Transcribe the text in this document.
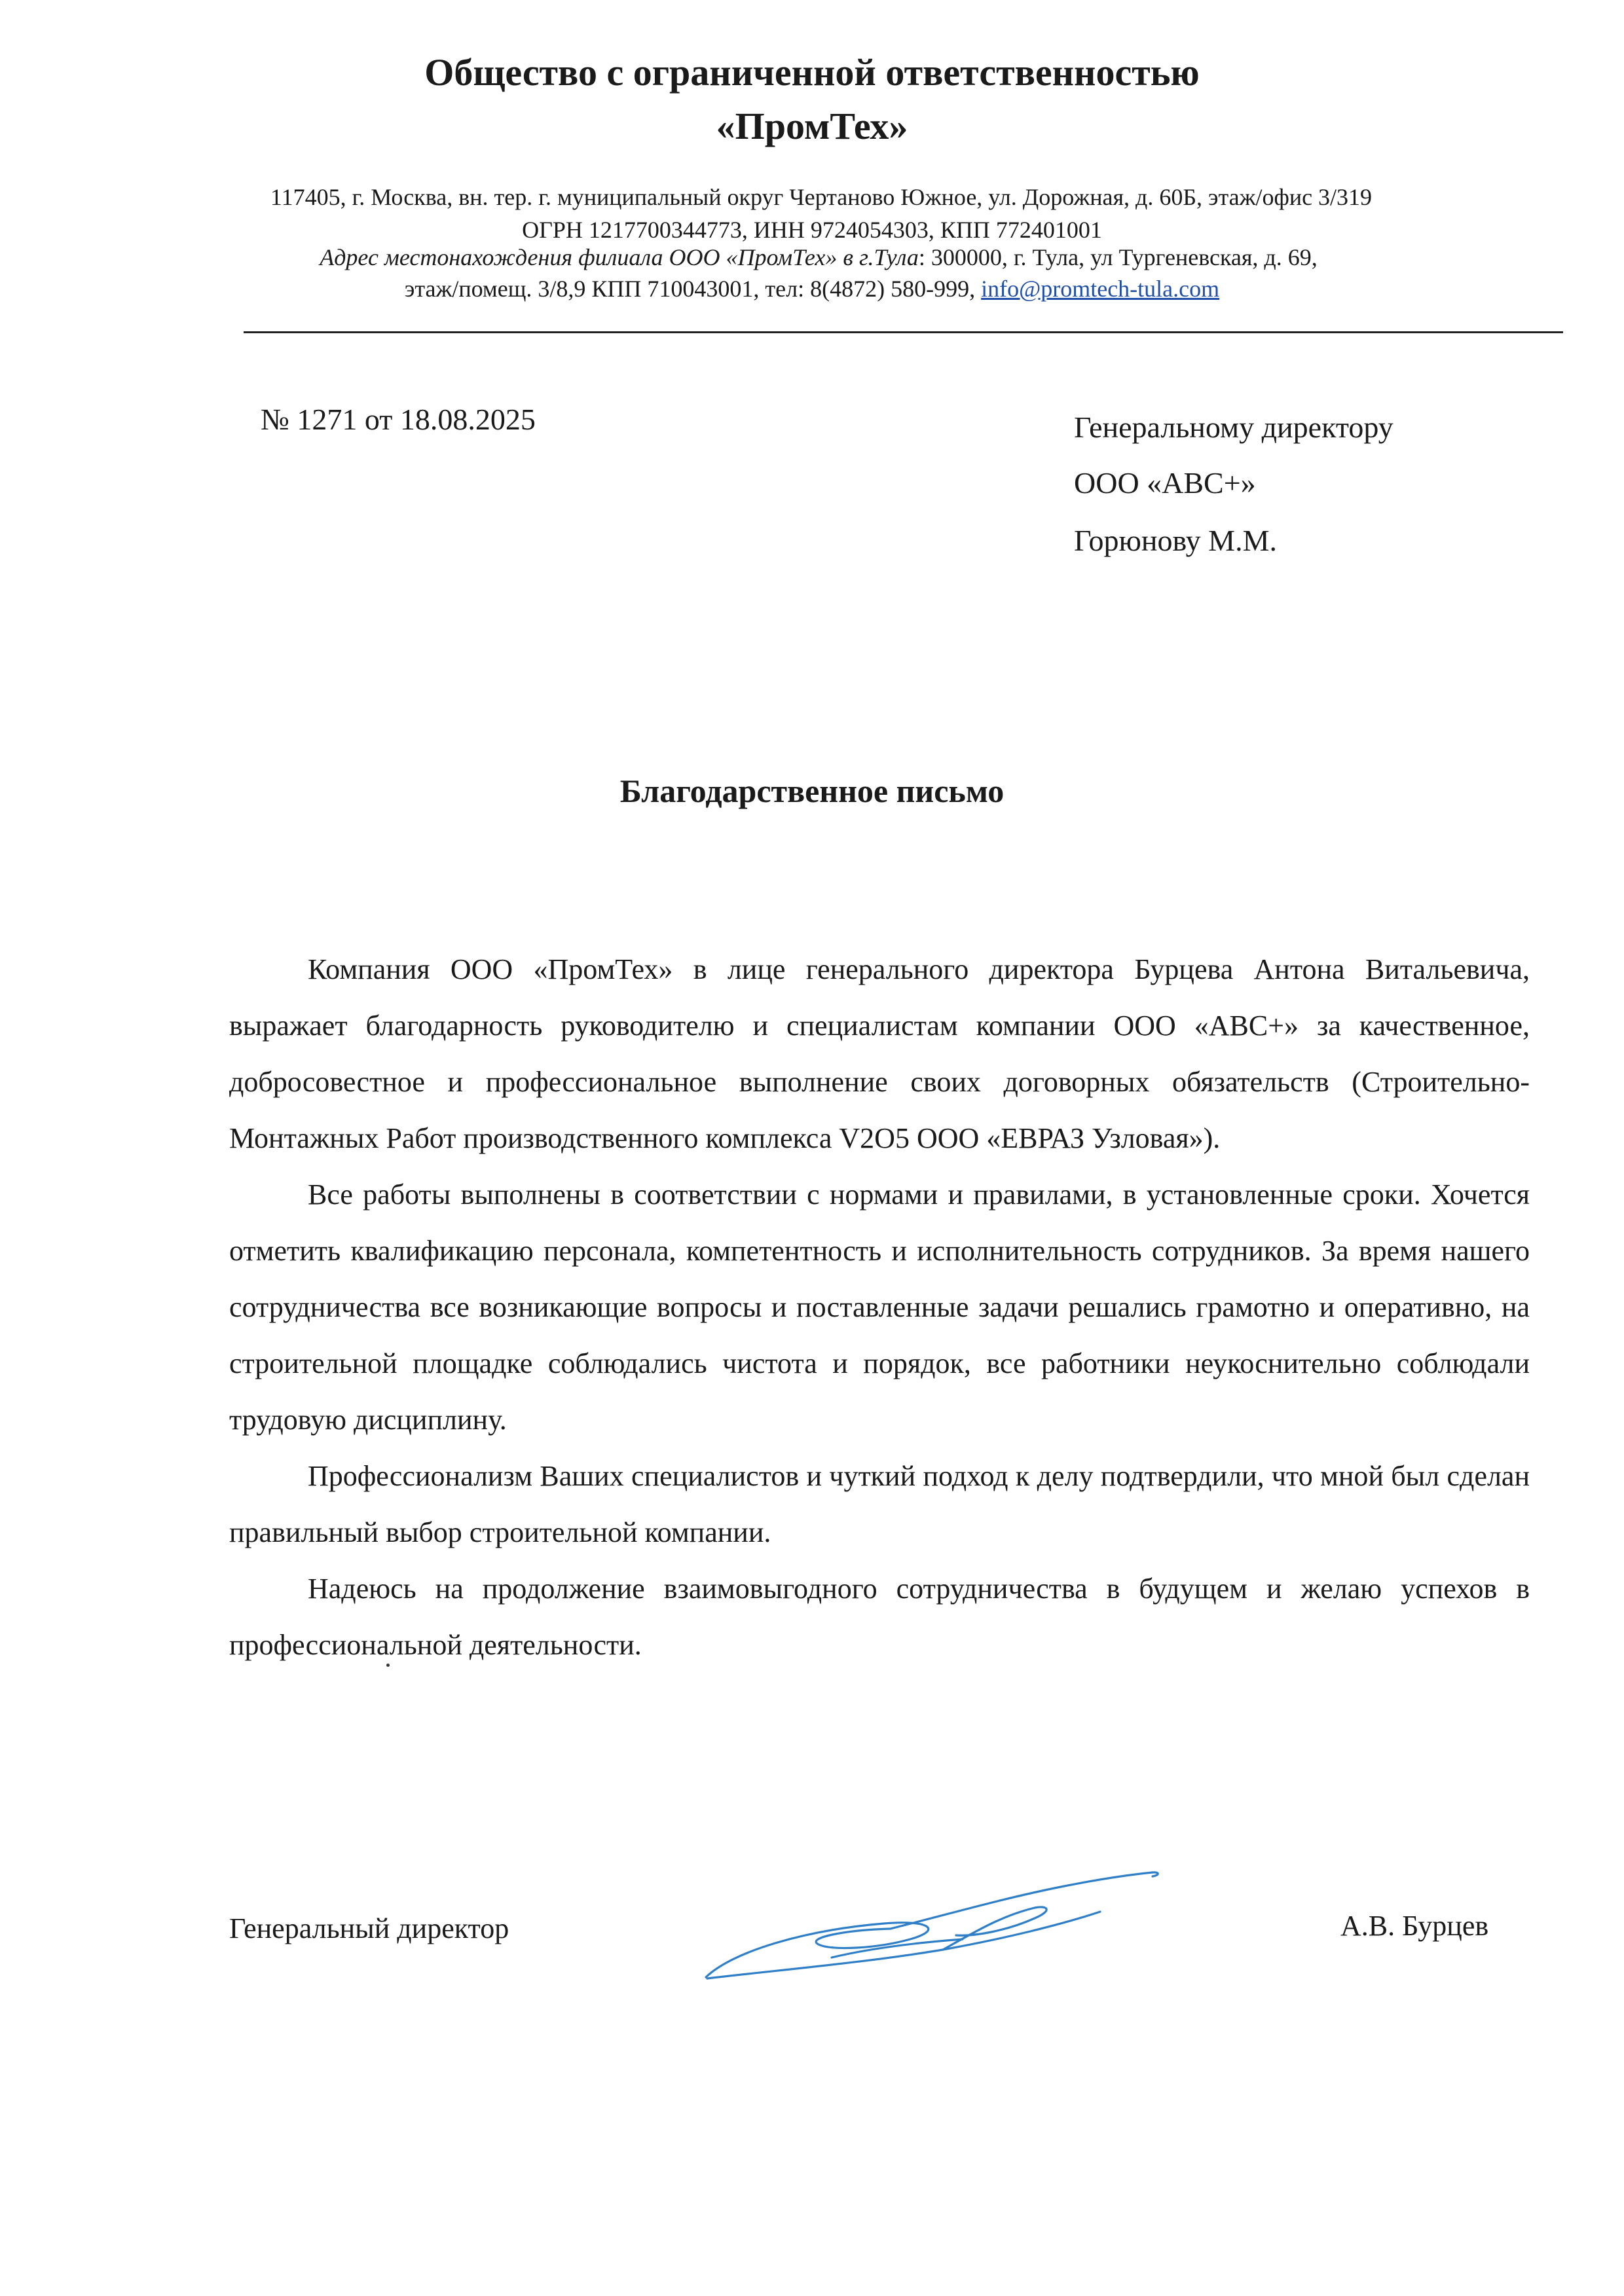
Общество с ограниченной ответственностью
«ПромТех»
117405, г. Москва, вн. тер. г. муниципальный округ Чертаново Южное, ул. Дорожная, д. 60Б, этаж/офис 3/319
ОГРН 1217700344773, ИНН 9724054303, КПП 772401001
Адрес местонахождения филиала ООО «ПромТех» в г.Тула: 300000, г. Тула, ул Тургеневская, д. 69,
этаж/помещ. 3/8,9 КПП 710043001, тел: 8(4872) 580-999, info@promtech-tula.com
№ 1271 от 18.08.2025	Генеральному директору
ООО «АВС+»
Горюнову М.М.
Благодарственное письмо

Компания ООО «ПромТех» в лице генерального директора Бурцева Антона Витальевича, выражает благодарность руководителю и специалистам компании ООО «АВС+» за качественное, добросовестное и профессиональное выполнение своих договорных обязательств (Строительно-Монтажных Работ производственного комплекса V2O5 ООО «ЕВРАЗ Узловая»).

Все работы выполнены в соответствии с нормами и правилами, в установленные сроки. Хочется отметить квалификацию персонала, компетентность и исполнительность сотрудников. За время нашего сотрудничества все возникающие вопросы и поставленные задачи решались грамотно и оперативно, на строительной площадке соблюдались чистота и порядок, все работники неукоснительно соблюдали трудовую дисциплину.

Профессионализм Ваших специалистов и чуткий подход к делу подтвердили, что мной был сделан правильный выбор строительной компании.

Надеюсь на продолжение взаимовыгодного сотрудничества в будущем и желаю успехов в профессиональной деятельности.

Генеральный директор	А.В. Бурцев
